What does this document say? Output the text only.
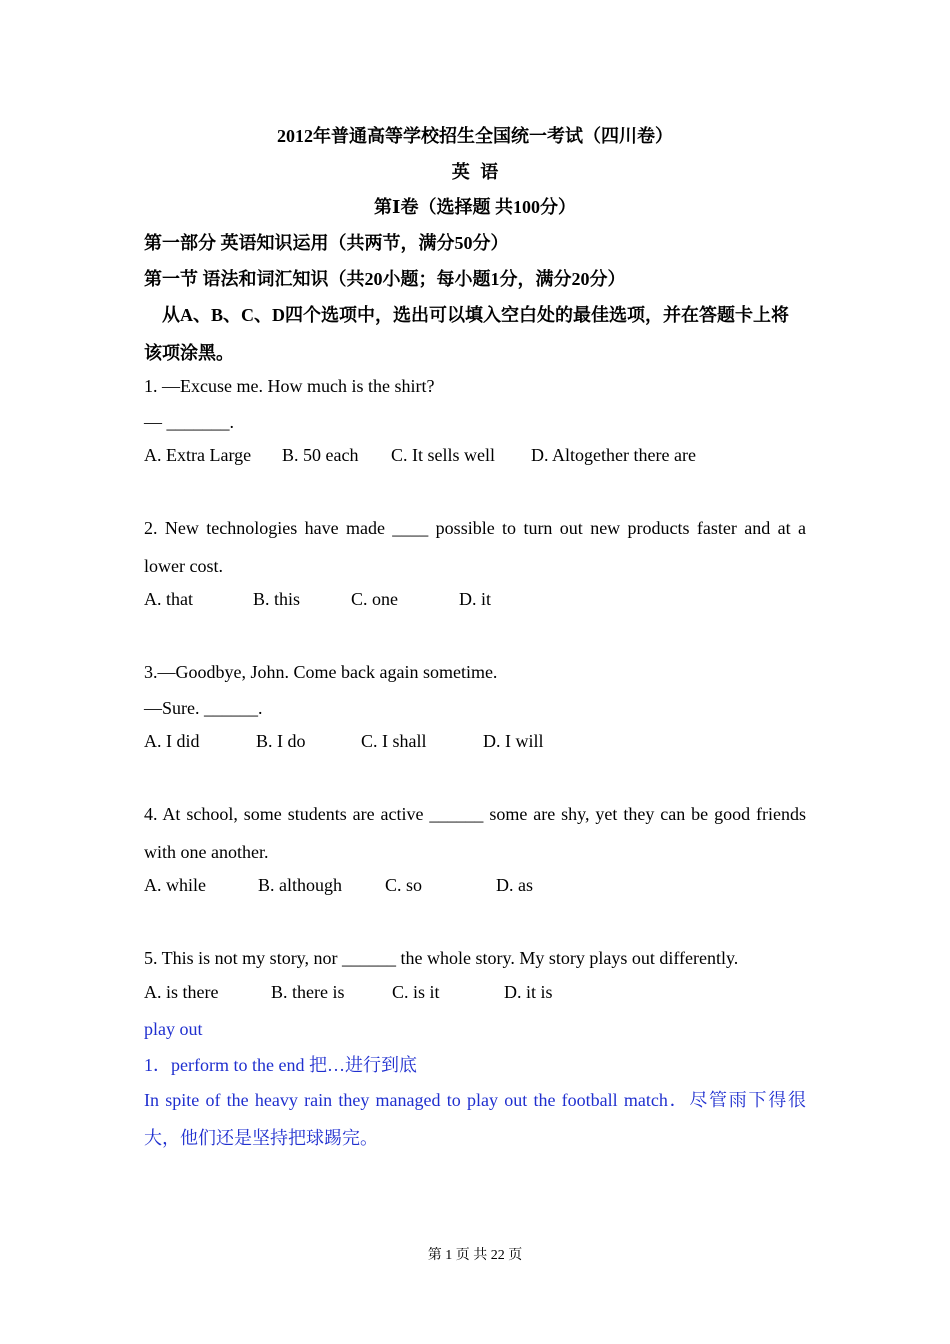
2012年普通高等学校招生全国统一考试（四川卷）
英 语
第Ⅰ卷（选择题 共100分）
第一部分 英语知识运用（共两节，满分50分）
第一节 语法和词汇知识（共20小题；每小题1分，满分20分）
从A、B、C、D四个选项中，选出可以填入空白处的最佳选项，并在答题卡上将该项涂黑。
1. —Excuse me. How much is the shirt?
— _______.
A. Extra Large B. 50 each C. It sells well D. Altogether there are
2. New technologies have made ____ possible to turn out new products faster and at a lower cost.
A. that	B. this	C. one	D. it
3.—Goodbye, John. Come back again sometime.
—Sure. ______.
A. I did	B. I do	C. I shall	D. I will
4. At school, some students are active ______ some are shy, yet they can be good friends with one another.
A. while	B. although C. so	D. as
5. This is not my story, nor ______ the whole story. My story plays out differently.
A. is there	B. there is	C. is it	D. it is
play out
1．perform to the end 把…进行到底
In spite of the heavy rain they managed to play out the football match．尽管雨下得很大，他们还是坚持把球踢完。
第 1 页 共 22 页
